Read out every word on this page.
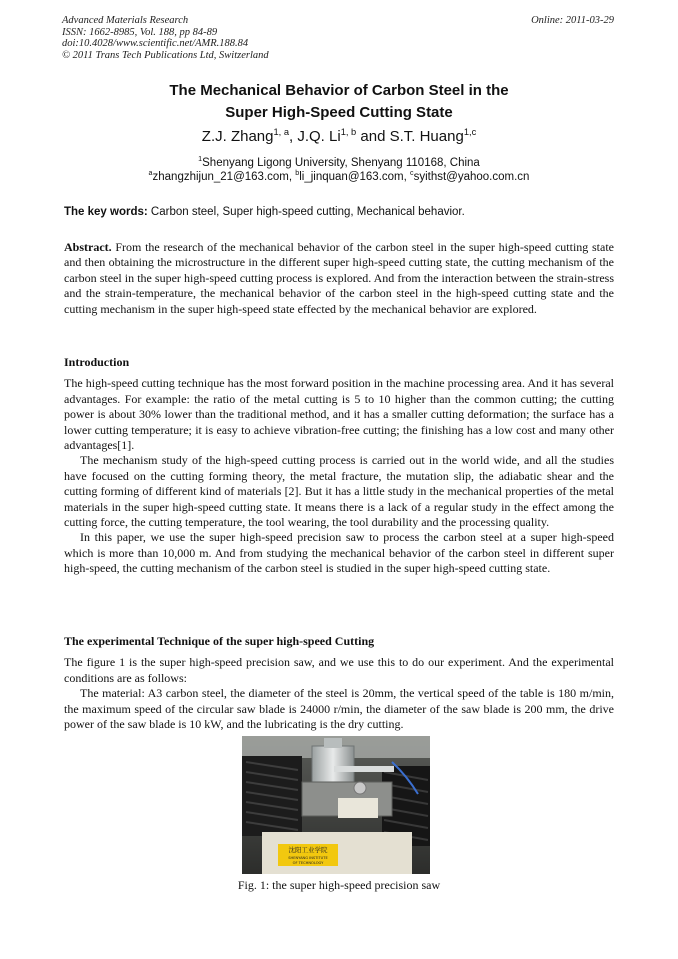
Advanced Materials Research
ISSN: 1662-8985, Vol. 188, pp 84-89
doi:10.4028/www.scientific.net/AMR.188.84
© 2011 Trans Tech Publications Ltd, Switzerland
Online: 2011-03-29
The Mechanical Behavior of Carbon Steel in the
Super High-Speed Cutting State
Z.J. Zhang$^{1, a}$, J.Q. Li$^{1, b}$ and S.T. Huang$^{1,c}$
$^1$Shenyang Ligong University, Shenyang 110168, China
$^a$zhangzhijun_21@163.com, $^b$li_jinquan@163.com, $^c$syithst@yahoo.com.cn
The key words: Carbon steel, Super high-speed cutting, Mechanical behavior.

Abstract. From the research of the mechanical behavior of the carbon steel in the super high-speed cutting state and then obtaining the microstructure in the different super high-speed cutting state, the cutting mechanism of the carbon steel in the super high-speed cutting process is explored. And from the interaction between the strain-stress and the strain-temperature, the mechanical behavior of the carbon steel in the high-speed cutting state and the cutting mechanism in the super high-speed state effected by the mechanical behavior are explored.

Introduction

The high-speed cutting technique has the most forward position in the machine processing area. And it has several advantages. For example: the ratio of the metal cutting is 5 to 10 higher than the common cutting; the cutting power is about 30% lower than the traditional method, and it has a smaller cutting deformation; the surface has a lower cutting temperature; it is easy to achieve vibration-free cutting; the finishing has a low cost and many other advantages[1].

The mechanism study of the high-speed cutting process is carried out in the world wide, and all the studies have focused on the cutting forming theory, the metal fracture, the mutation slip, the adiabatic shear and the cutting forming of different kind of materials [2]. But it has a little study in the mechanical properties of the metal materials in the super high-speed cutting state. It means there is a lack of a regular study in the effect among the cutting force, the cutting temperature, the tool wearing, the tool durability and the processing quality.

In this paper, we use the super high-speed precision saw to process the carbon steel at a super high-speed which is more than 10,000 m. And from studying the mechanical behavior of the carbon steel in different super high-speed, the cutting mechanism of the carbon steel is studied in the super high-speed cutting state.

The experimental Technique of the super high-speed Cutting

The figure 1 is the super high-speed precision saw, and we use this to do our experiment. And the experimental conditions are as follows:

The material: A3 carbon steel, the diameter of the steel is 20mm, the vertical speed of the table is 180 m/min, the maximum speed of the circular saw blade is 24000 r/min, the diameter of the saw blade is 200 mm, the drive power of the saw blade is 10 kW, and the lubricating is the dry cutting.

沈阳工业学院
SHENYANG INSTITUTE
OF TECHNOLOGY
Fig. 1: the super high-speed precision saw
